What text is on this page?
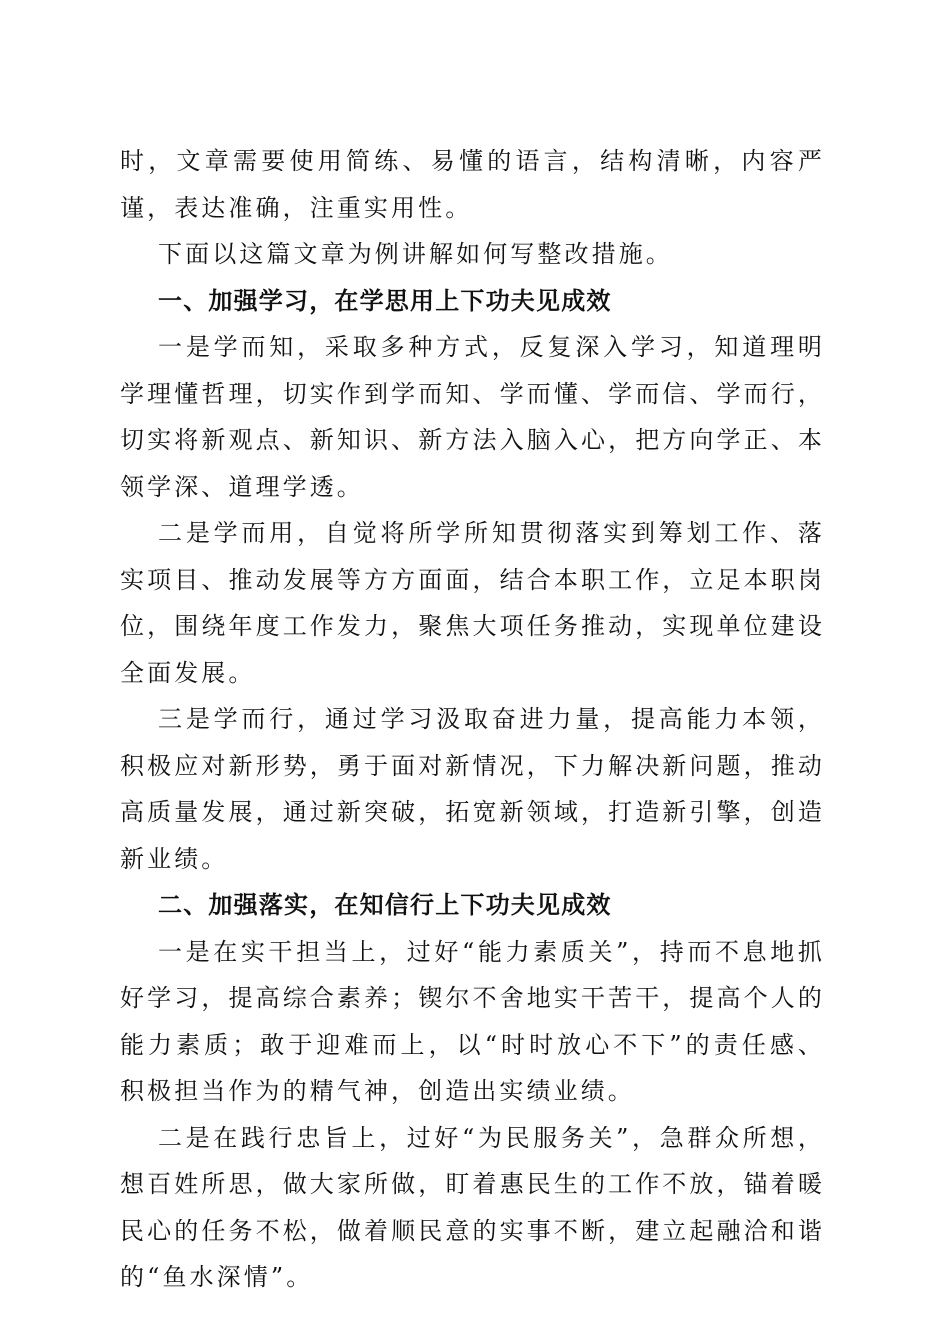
时，文章需要使用简练、易懂的语言，结构清晰，内容严谨，表达准确，注重实用性。

下面以这篇文章为例讲解如何写整改措施。

一、加强学习，在学思用上下功夫见成效

一是学而知，采取多种方式，反复深入学习，知道理明学理懂哲理，切实作到学而知、学而懂、学而信、学而行，切实将新观点、新知识、新方法入脑入心，把方向学正、本领学深、道理学透。

二是学而用，自觉将所学所知贯彻落实到筹划工作、落实项目、推动发展等方方面面，结合本职工作，立足本职岗位，围绕年度工作发力，聚焦大项任务推动，实现单位建设全面发展。

三是学而行，通过学习汲取奋进力量，提高能力本领，积极应对新形势，勇于面对新情况，下力解决新问题，推动高质量发展，通过新突破，拓宽新领域，打造新引擎，创造新业绩。

二、加强落实，在知信行上下功夫见成效

一是在实干担当上，过好“能力素质关”，持而不息地抓好学习，提高综合素养；锲尔不舍地实干苦干，提高个人的能力素质；敢于迎难而上，以“时时放心不下”的责任感、积极担当作为的精气神，创造出实绩业绩。

二是在践行忠旨上，过好“为民服务关”，急群众所想，想百姓所思，做大家所做，盯着惠民生的工作不放，锚着暖民心的任务不松，做着顺民意的实事不断，建立起融洽和谐的“鱼水深情”。
